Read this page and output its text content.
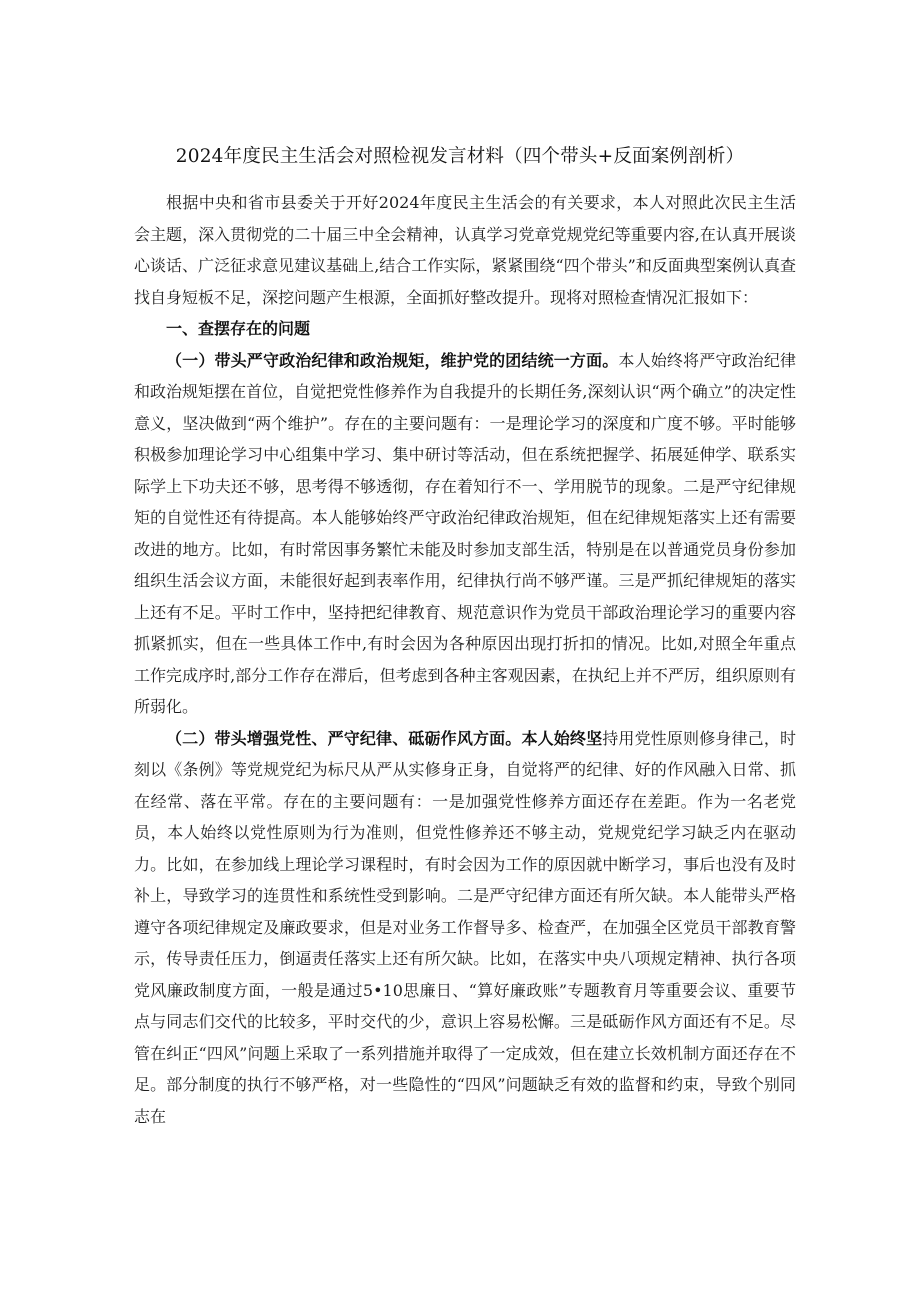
2024年度民主生活会对照检视发言材料（四个带头+反面案例剖析）

根据中央和省市县委关于开好2024年度民主生活会的有关要求，本人对照此次民主生活会主题，深入贯彻党的二十届三中全会精神，认真学习党章党规党纪等重要内容,在认真开展谈心谈话、广泛征求意见建议基础上,结合工作实际，紧紧围绕“四个带头”和反面典型案例认真查找自身短板不足，深挖问题产生根源，全面抓好整改提升。现将对照检查情况汇报如下：

一、查摆存在的问题

（一）带头严守政治纪律和政治规矩，维护党的团结统一方面。本人始终将严守政治纪律和政治规矩摆在首位，自觉把党性修养作为自我提升的长期任务,深刻认识“两个确立”的决定性意义，坚决做到“两个维护”。存在的主要问题有：一是理论学习的深度和广度不够。平时能够积极参加理论学习中心组集中学习、集中研讨等活动，但在系统把握学、拓展延伸学、联系实际学上下功夫还不够，思考得不够透彻，存在着知行不一、学用脱节的现象。二是严守纪律规矩的自觉性还有待提高。本人能够始终严守政治纪律政治规矩，但在纪律规矩落实上还有需要改进的地方。比如，有时常因事务繁忙未能及时参加支部生活，特别是在以普通党员身份参加组织生活会议方面，未能很好起到表率作用，纪律执行尚不够严谨。三是严抓纪律规矩的落实上还有不足。平时工作中，坚持把纪律教育、规范意识作为党员干部政治理论学习的重要内容抓紧抓实，但在一些具体工作中,有时会因为各种原因出现打折扣的情况。比如,对照全年重点工作完成序时,部分工作存在滞后，但考虑到各种主客观因素，在执纪上并不严厉，组织原则有所弱化。

（二）带头增强党性、严守纪律、砥砺作风方面。本人始终坚持用党性原则修身律己，时刻以《条例》等党规党纪为标尺从严从实修身正身，自觉将严的纪律、好的作风融入日常、抓在经常、落在平常。存在的主要问题有：一是加强党性修养方面还存在差距。作为一名老党员，本人始终以党性原则为行为准则，但党性修养还不够主动，党规党纪学习缺乏内在驱动力。比如，在参加线上理论学习课程时，有时会因为工作的原因就中断学习，事后也没有及时补上，导致学习的连贯性和系统性受到影响。二是严守纪律方面还有所欠缺。本人能带头严格遵守各项纪律规定及廉政要求，但是对业务工作督导多、检查严，在加强全区党员干部教育警示，传导责任压力，倒逼责任落实上还有所欠缺。比如，在落实中央八项规定精神、执行各项党风廉政制度方面，一般是通过5•10思廉日、“算好廉政账”专题教育月等重要会议、重要节点与同志们交代的比较多，平时交代的少，意识上容易松懈。三是砥砺作风方面还有不足。尽管在纠正“四风”问题上采取了一系列措施并取得了一定成效，但在建立长效机制方面还存在不足。部分制度的执行不够严格，对一些隐性的“四风”问题缺乏有效的监督和约束，导致个别同志在
